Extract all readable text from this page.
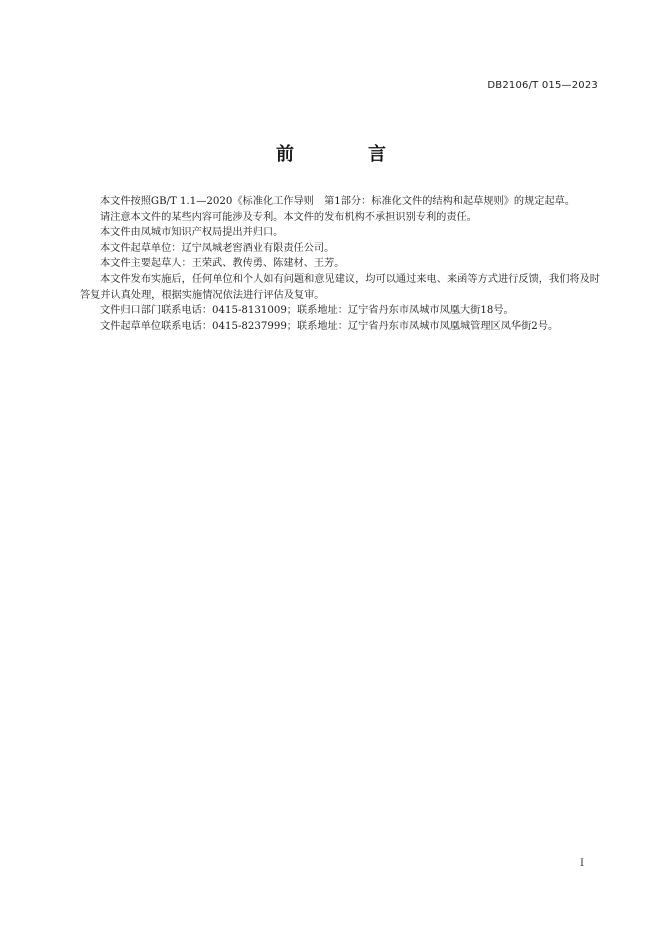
DB2106/T 015—2023
前　言

本文件按照GB/T 1.1—2020《标准化工作导则　第1部分：标准化文件的结构和起草规则》的规定起草。

请注意本文件的某些内容可能涉及专利。本文件的发布机构不承担识别专利的责任。

本文件由凤城市知识产权局提出并归口。

本文件起草单位：辽宁凤城老窖酒业有限责任公司。

本文件主要起草人：王荣武、教传勇、陈建材、王芳。

本文件发布实施后，任何单位和个人如有问题和意见建议，均可以通过来电、来函等方式进行反馈，我们将及时答复并认真处理，根据实施情况依法进行评估及复审。

文件归口部门联系电话：0415-8131009；联系地址：辽宁省丹东市凤城市凤凰大街18号。

文件起草单位联系电话：0415-8237999；联系地址：辽宁省丹东市凤城市凤凰城管理区凤华街2号。

I
